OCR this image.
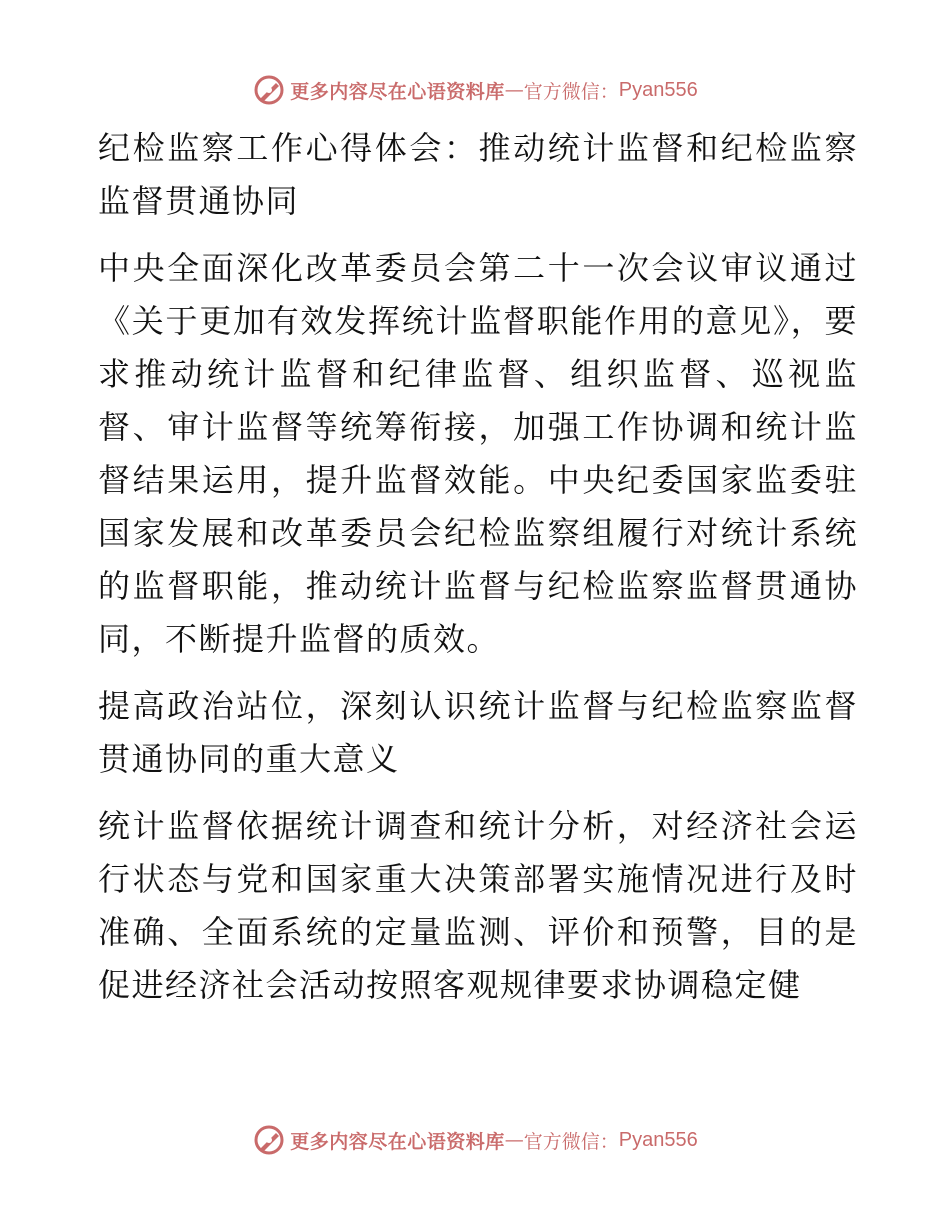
更多内容尽在心语资料库 — 官方微信： Pyan556

纪检监察工作心得体会：推动统计监督和纪检监察监督贯通协同

中央全面深化改革委员会第二十一次会议审议通过《关于更加有效发挥统计监督职能作用的意见》，要求推动统计监督和纪律监督、组织监督、巡视监督、审计监督等统筹衔接，加强工作协调和统计监督结果运用，提升监督效能。中央纪委国家监委驻国家发展和改革委员会纪检监察组履行对统计系统的监督职能，推动统计监督与纪检监察监督贯通协同，不断提升监督的质效。

提高政治站位，深刻认识统计监督与纪检监察监督贯通协同的重大意义

统计监督依据统计调查和统计分析，对经济社会运行状态与党和国家重大决策部署实施情况进行及时准确、全面系统的定量监测、评价和预警，目的是促进经济社会活动按照客观规律要求协调稳定健

更多内容尽在心语资料库 — 官方微信： Pyan556
